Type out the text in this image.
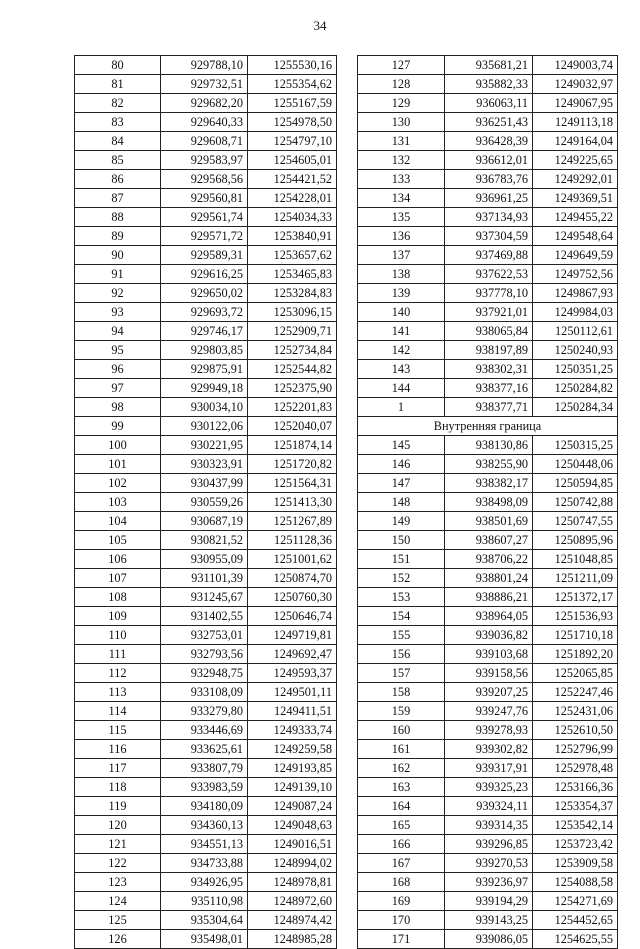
34
80	929788,10	1255530,16
81	929732,51	1255354,62
82	929682,20	1255167,59
83	929640,33	1254978,50
84	929608,71	1254797,10
85	929583,97	1254605,01
86	929568,56	1254421,52
87	929560,81	1254228,01
88	929561,74	1254034,33
89	929571,72	1253840,91
90	929589,31	1253657,62
91	929616,25	1253465,83
92	929650,02	1253284,83
93	929693,72	1253096,15
94	929746,17	1252909,71
95	929803,85	1252734,84
96	929875,91	1252544,82
97	929949,18	1252375,90
98	930034,10	1252201,83
99	930122,06	1252040,07
100	930221,95	1251874,14
101	930323,91	1251720,82
102	930437,99	1251564,31
103	930559,26	1251413,30
104	930687,19	1251267,89
105	930821,52	1251128,36
106	930955,09	1251001,62
107	931101,39	1250874,70
108	931245,67	1250760,30
109	931402,55	1250646,74
110	932753,01	1249719,81
111	932793,56	1249692,47
112	932948,75	1249593,37
113	933108,09	1249501,11
114	933279,80	1249411,51
115	933446,69	1249333,74
116	933625,61	1249259,58
117	933807,79	1249193,85
118	933983,59	1249139,10
119	934180,09	1249087,24
120	934360,13	1249048,63
121	934551,13	1249016,51
122	934733,88	1248994,02
123	934926,95	1248978,81
124	935110,98	1248972,60
125	935304,64	1248974,42
126	935498,01	1248985,28
127	935681,21	1249003,74
128	935882,33	1249032,97
129	936063,11	1249067,95
130	936251,43	1249113,18
131	936428,39	1249164,04
132	936612,01	1249225,65
133	936783,76	1249292,01
134	936961,25	1249369,51
135	937134,93	1249455,22
136	937304,59	1249548,64
137	937469,88	1249649,59
138	937622,53	1249752,56
139	937778,10	1249867,93
140	937921,01	1249984,03
141	938065,84	1250112,61
142	938197,89	1250240,93
143	938302,31	1250351,25
144	938377,16	1250284,82
1	938377,71	1250284,34
Внутренняя граница		
145	938130,86	1250315,25
146	938255,90	1250448,06
147	938382,17	1250594,85
148	938498,09	1250742,88
149	938501,69	1250747,55
150	938607,27	1250895,96
151	938706,22	1251048,85
152	938801,24	1251211,09
153	938886,21	1251372,17
154	938964,05	1251536,93
155	939036,82	1251710,18
156	939103,68	1251892,20
157	939158,56	1252065,85
158	939207,25	1252247,46
159	939247,76	1252431,06
160	939278,93	1252610,50
161	939302,82	1252796,99
162	939317,91	1252978,48
163	939325,23	1253166,36
164	939324,11	1253354,37
165	939314,35	1253542,14
166	939296,85	1253723,42
167	939270,53	1253909,58
168	939236,97	1254088,58
169	939194,29	1254271,69
170	939143,25	1254452,65
171	939086,05	1254625,55
